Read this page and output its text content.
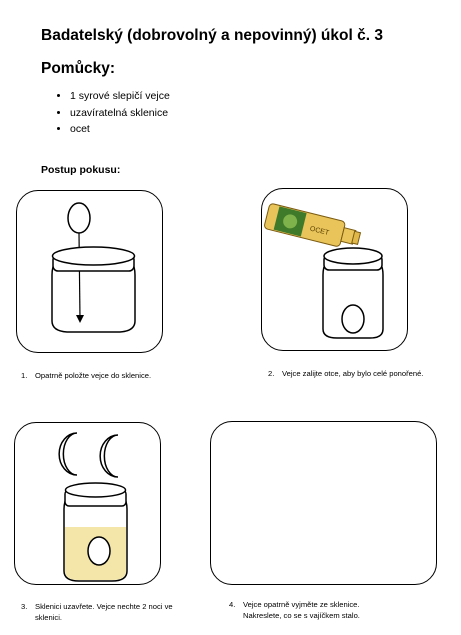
Badatelský (dobrovolný a nepovinný) úkol č. 3
Pomůcky:
• 1 syrové slepičí vejce
• uzavíratelná sklenice
• ocet
Postup pokusu:
OCET
1. Opatrně položte vejce do sklenice.	2. Vejce zalijte otce, aby bylo celé ponořené.
3. Sklenici uzavřete. Vejce nechte 2 noci ve
sklenici.
4. Vejce opatrně vyjměte ze sklenice.
Nakreslete, co se s vajíčkem stalo.
